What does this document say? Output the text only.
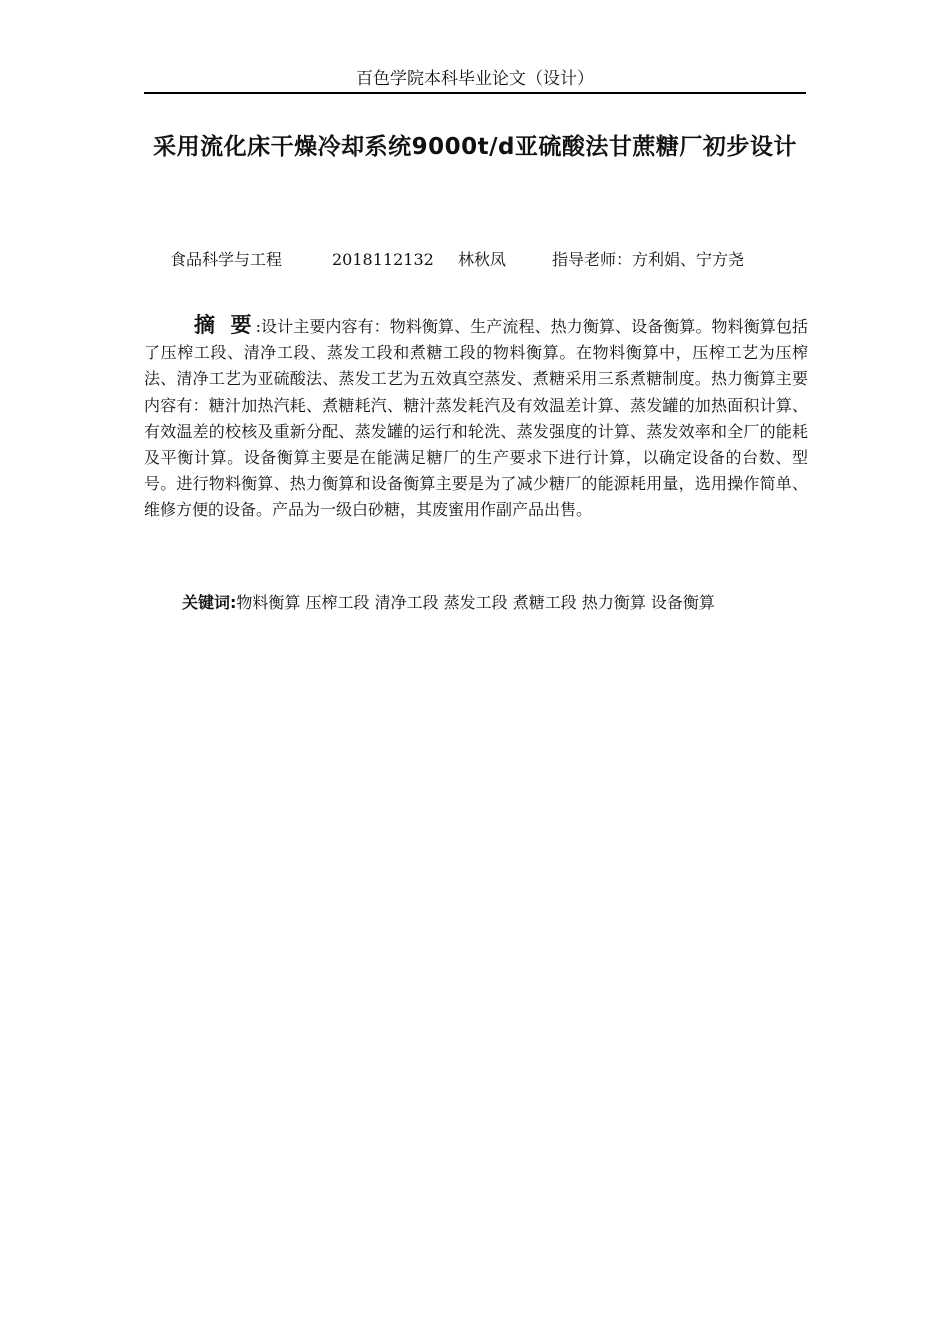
百色学院本科毕业论文（设计）
采用流化床干燥冷却系统9000t/d亚硫酸法甘蔗糖厂初步设计
食品科学与工程	2018112132 林秋凤	指导老师：方利娟、宁方尧

摘 要:设计主要内容有：物料衡算、生产流程、热力衡算、设备衡算。物料衡算包括了压榨工段、清净工段、蒸发工段和煮糖工段的物料衡算。在物料衡算中，压榨工艺为压榨法、清净工艺为亚硫酸法、蒸发工艺为五效真空蒸发、煮糖采用三系煮糖制度。热力衡算主要内容有：糖汁加热汽耗、煮糖耗汽、糖汁蒸发耗汽及有效温差计算、蒸发罐的加热面积计算、有效温差的校核及重新分配、蒸发罐的运行和轮洗、蒸发强度的计算、蒸发效率和全厂的能耗及平衡计算。设备衡算主要是在能满足糖厂的生产要求下进行计算，以确定设备的台数、型号。进行物料衡算、热力衡算和设备衡算主要是为了减少糖厂的能源耗用量，选用操作简单、维修方便的设备。产品为一级白砂糖，其废蜜用作副产品出售。

关键词:物料衡算 压榨工段 清净工段 蒸发工段 煮糖工段 热力衡算 设备衡算
